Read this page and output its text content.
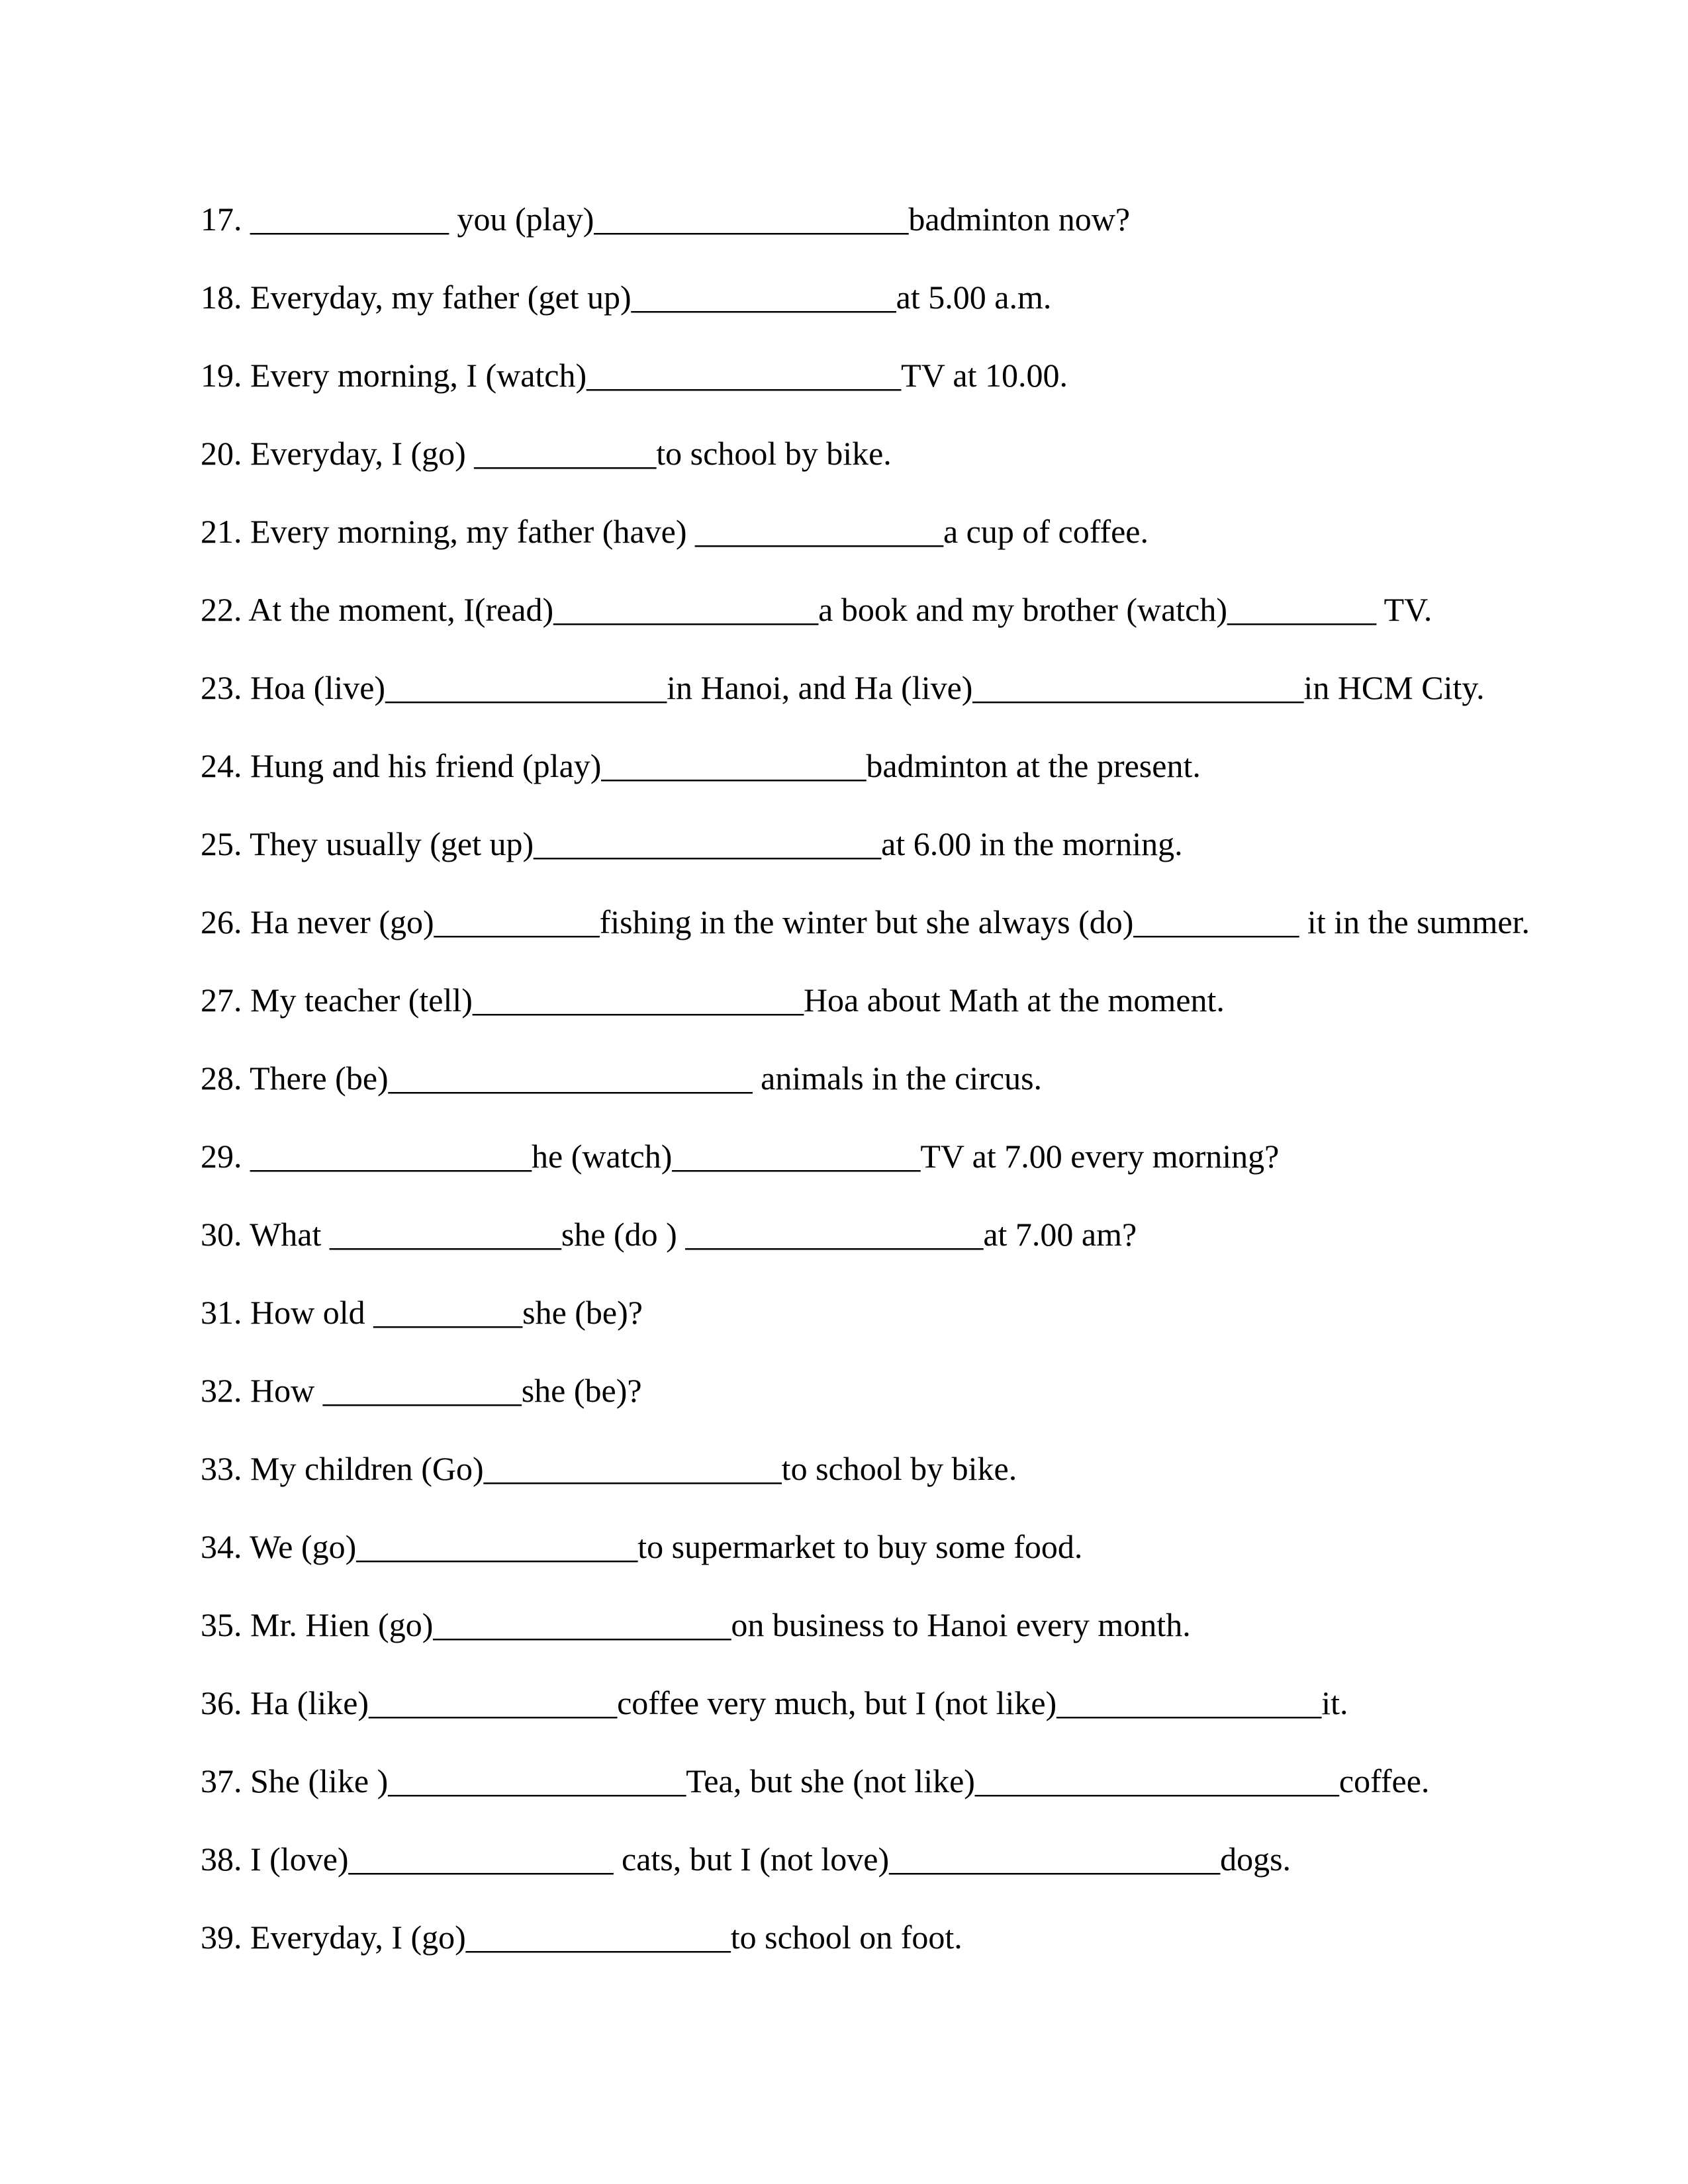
17. ____________ you (play)___________________badminton now?

18. Everyday, my father (get up)________________at 5.00 a.m.

19. Every morning, I (watch)___________________TV at 10.00.

20. Everyday, I (go) ___________to school by bike.

21. Every morning, my father (have) _______________a cup of coffee.

22. At the moment, I(read)________________a book and my brother (watch)_________ TV.

23. Hoa (live)_________________in Hanoi, and Ha (live)____________________in HCM City.

24. Hung and his friend (play)________________badminton at the present.

25. They usually (get up)_____________________at 6.00 in the morning.

26. Ha never (go)__________fishing in the winter but she always (do)__________ it in the summer.

27. My teacher (tell)____________________Hoa about Math at the moment.

28. There (be)______________________ animals in the circus.

29. _________________he (watch)_______________TV at 7.00 every morning?

30. What ______________she (do ) __________________at 7.00 am?

31. How old _________she (be)?

32. How ____________she (be)?

33. My children (Go)__________________to school by bike.

34. We (go)_________________to supermarket to buy some food.

35. Mr. Hien (go)__________________on business to Hanoi every month.

36. Ha (like)_______________coffee very much, but I (not like)________________it.

37. She (like )__________________Tea, but she (not like)______________________coffee.

38. I (love)________________ cats, but I (not love)____________________dogs.

39. Everyday, I (go)________________to school on foot.
